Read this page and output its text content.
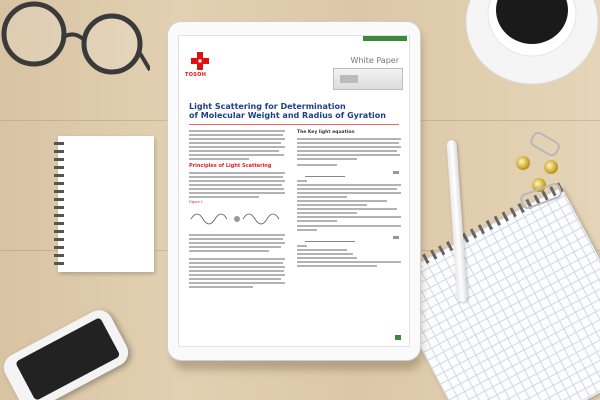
TOSOH
White Paper
Light Scattering for Determination
of Molecular Weight and Radius of Gyration
Principles of Light Scattering
Figure 1
The Key light equation
